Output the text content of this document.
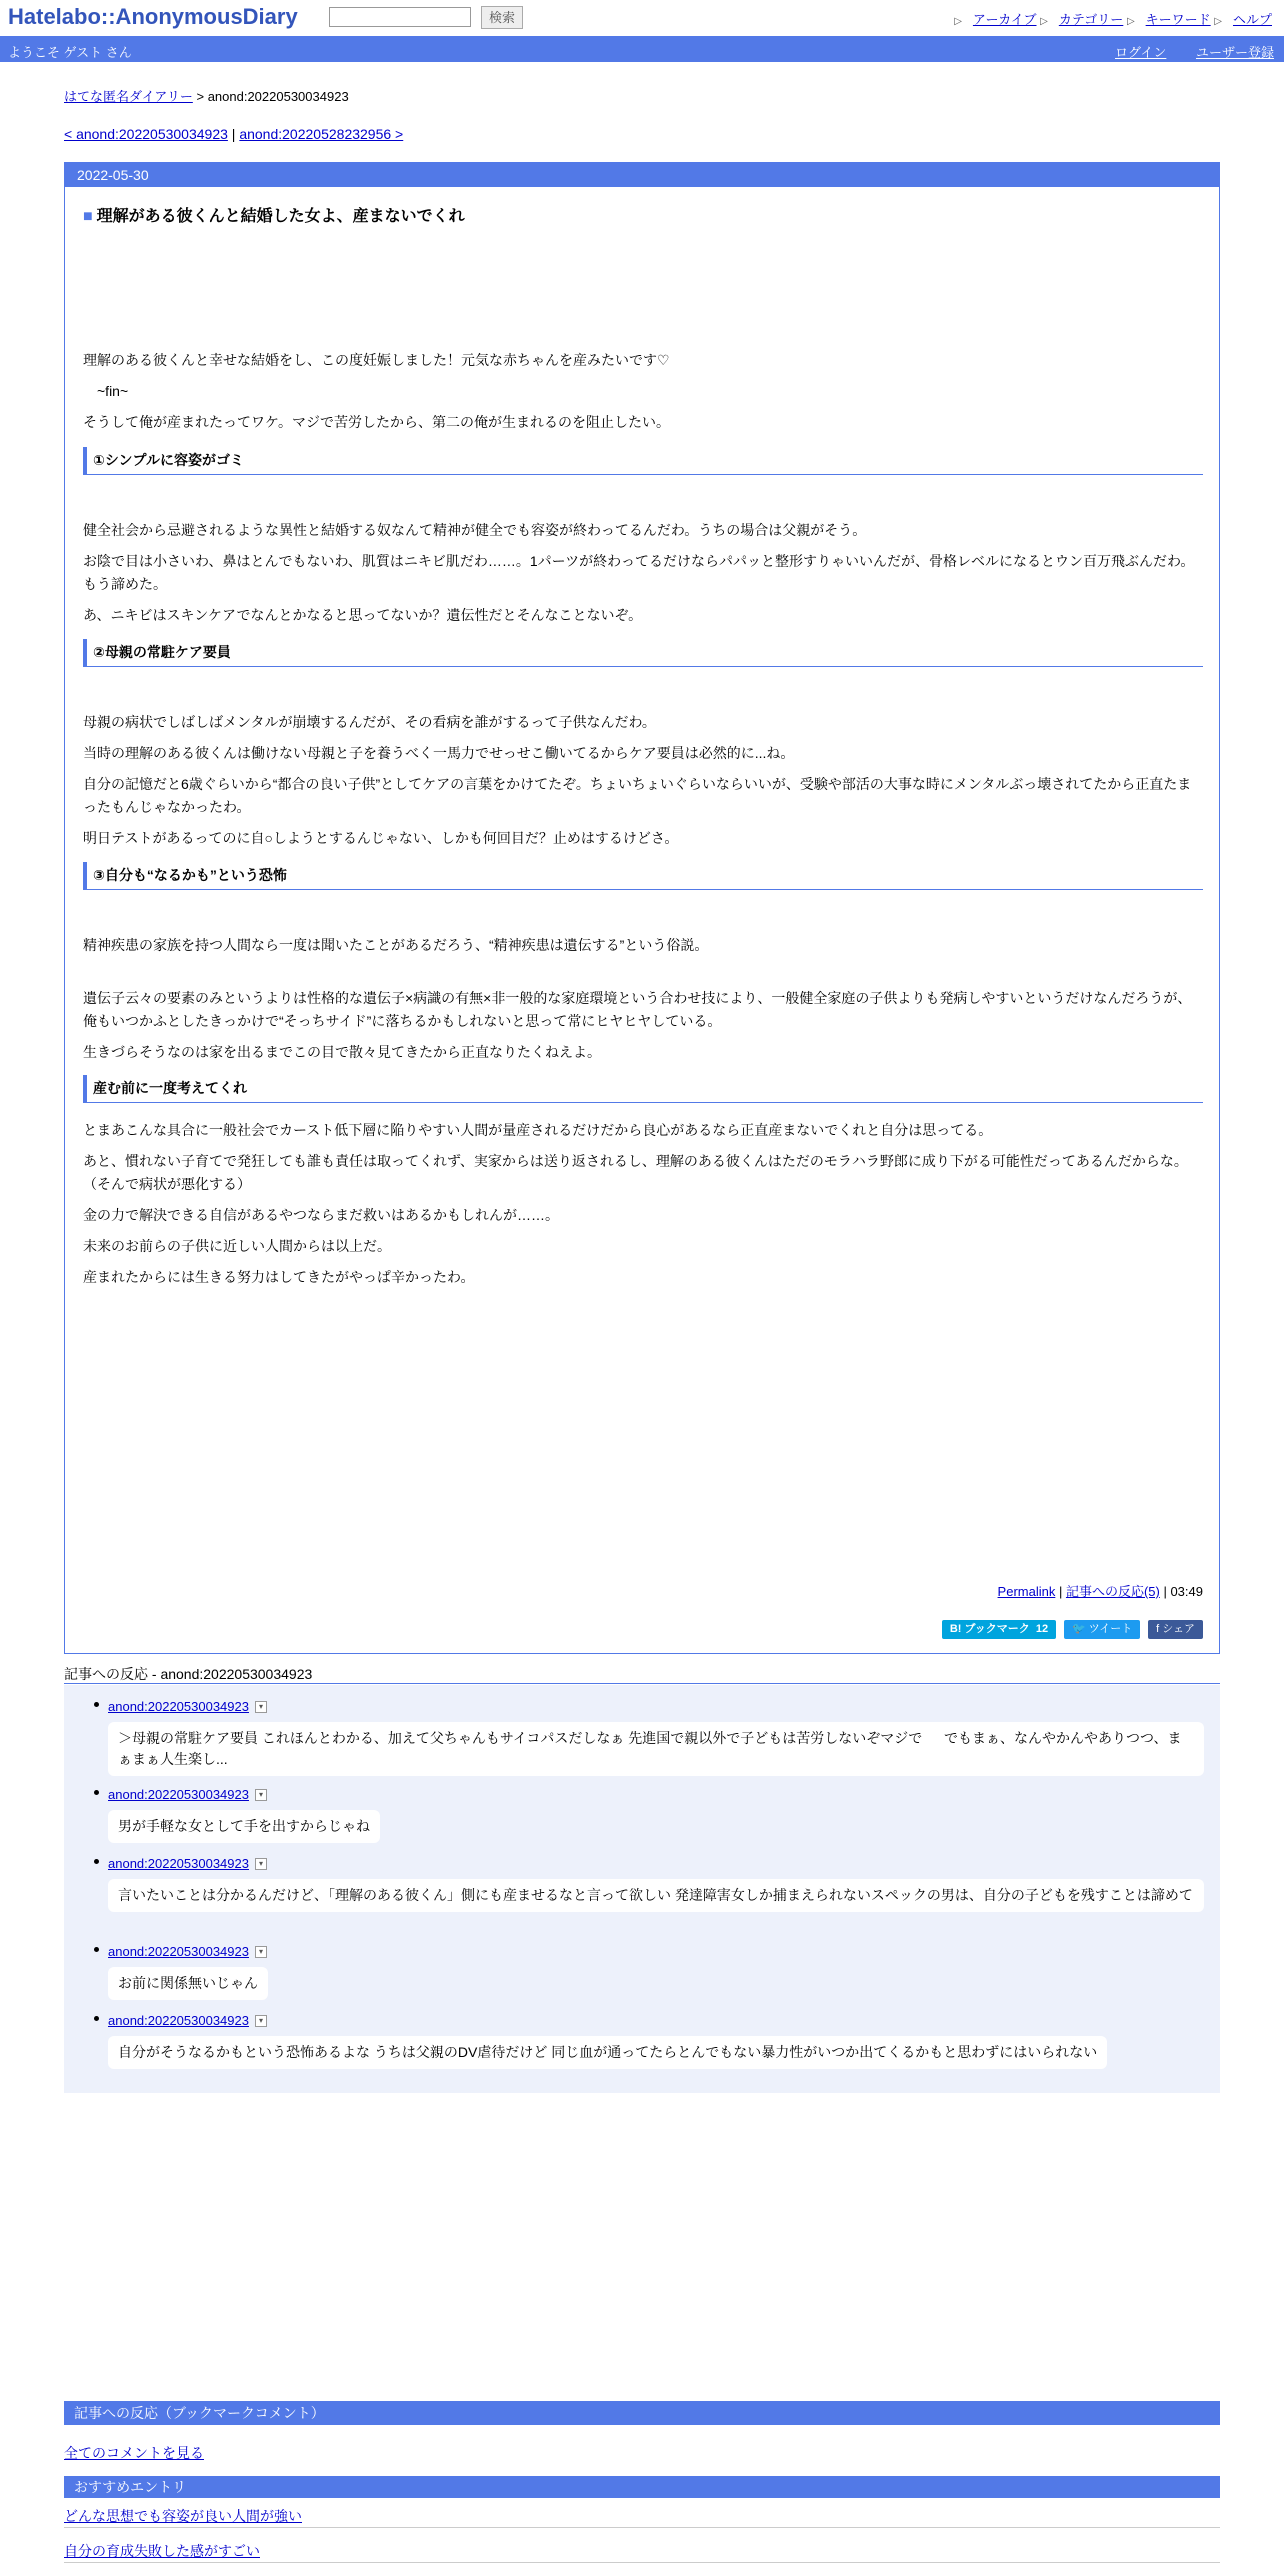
Hatelabo::AnonymousDiary	検索	▷ アーカイブ ▷ カテゴリー ▷ キーワード ▷ ヘルプ
ようこそ ゲスト さん	ログイン ユーザー登録
はてな匿名ダイアリー > anond:20220530034923
< anond:20220530034923 | anond:20220528232956 >
2022-05-30
■ 理解がある彼くんと結婚した女よ、産まないでくれ

理解のある彼くんと幸せな結婚をし、この度妊娠しました！元気な赤ちゃんを産みたいです♡

~fin~

そうして俺が産まれたってワケ。マジで苦労したから、第二の俺が生まれるのを阻止したい。

①シンプルに容姿がゴミ

健全社会から忌避されるような異性と結婚する奴なんて精神が健全でも容姿が終わってるんだわ。うちの場合は父親がそう。

お陰で目は小さいわ、鼻はとんでもないわ、肌質はニキビ肌だわ……。1パーツが終わってるだけならパパッと整形すりゃいいんだが、骨格レベルになるとウン百万飛ぶんだわ。もう諦めた。

あ、ニキビはスキンケアでなんとかなると思ってないか？遺伝性だとそんなことないぞ。

②母親の常駐ケア要員

母親の病状でしばしばメンタルが崩壊するんだが、その看病を誰がするって子供なんだわ。

当時の理解のある彼くんは働けない母親と子を養うべく一馬力でせっせこ働いてるからケア要員は必然的に...ね。

自分の記憶だと6歳ぐらいから“都合の良い子供”としてケアの言葉をかけてたぞ。ちょいちょいぐらいならいいが、受験や部活の大事な時にメンタルぶっ壊されてたから正直たまったもんじゃなかったわ。

明日テストがあるってのに自○しようとするんじゃない、しかも何回目だ？止めはするけどさ。

③自分も“なるかも”という恐怖

精神疾患の家族を持つ人間なら一度は聞いたことがあるだろう、“精神疾患は遺伝する”という俗説。

遺伝子云々の要素のみというよりは性格的な遺伝子×病識の有無×非一般的な家庭環境という合わせ技により、一般健全家庭の子供よりも発病しやすいというだけなんだろうが、俺もいつかふとしたきっかけで“そっちサイド”に落ちるかもしれないと思って常にヒヤヒヤしている。

生きづらそうなのは家を出るまでこの目で散々見てきたから正直なりたくねえよ。

産む前に一度考えてくれ

とまあこんな具合に一般社会でカースト低下層に陥りやすい人間が量産されるだけだから良心があるなら正直産まないでくれと自分は思ってる。

あと、慣れない子育てで発狂しても誰も責任は取ってくれず、実家からは送り返されるし、理解のある彼くんはただのモラハラ野郎に成り下がる可能性だってあるんだからな。（そんで病状が悪化する）

金の力で解決できる自信があるやつならまだ救いはあるかもしれんが……。

未来のお前らの子供に近しい人間からは以上だ。

産まれたからには生きる努力はしてきたがやっぱ辛かったわ。

Permalink | 記事への反応(5) | 03:49
B! ブックマーク 12 🐦 ツイート f シェア
記事への反応 - anond:20220530034923
anond:20220530034923 ▾
＞母親の常駐ケア要員 これほんとわかる、加えて父ちゃんもサイコパスだしなぁ 先進国で親以外で子どもは苦労しないぞマジで 　 でもまぁ、なんやかんやありつつ、まぁまぁ人生楽し...
anond:20220530034923 ▾
男が手軽な女として手を出すからじゃね
anond:20220530034923 ▾
言いたいことは分かるんだけど、「理解のある彼くん」側にも産ませるなと言って欲しい 発達障害女しか捕まえられないスペックの男は、自分の子どもを残すことは諦めて
anond:20220530034923 ▾
お前に関係無いじゃん
anond:20220530034923 ▾
自分がそうなるかもという恐怖あるよな うちは父親のDV虐待だけど 同じ血が通ってたらとんでもない暴力性がいつか出てくるかもと思わずにはいられない
記事への反応（ブックマークコメント）
全てのコメントを見る
おすすめエントリ
どんな思想でも容姿が良い人間が強い
自分の育成失敗した感がすごい
